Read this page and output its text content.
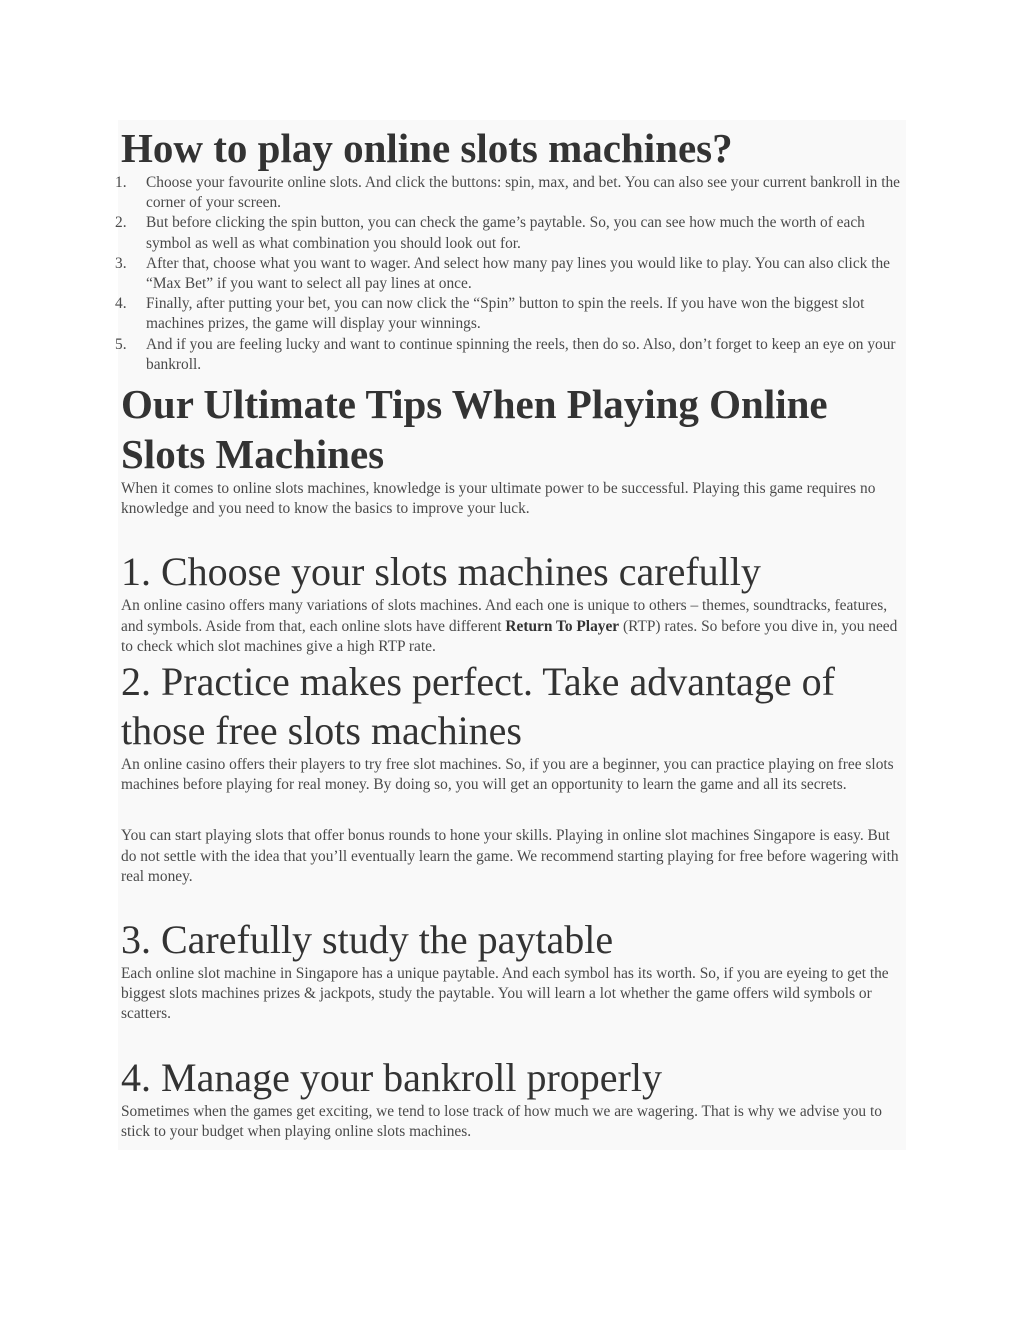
How to play online slots machines?
1. Choose your favourite online slots. And click the buttons: spin, max, and bet. You can also see your current bankroll in the corner of your screen.
2. But before clicking the spin button, you can check the game’s paytable. So, you can see how much the worth of each symbol as well as what combination you should look out for.
3. After that, choose what you want to wager. And select how many pay lines you would like to play. You can also click the “Max Bet” if you want to select all pay lines at once.
4. Finally, after putting your bet, you can now click the “Spin” button to spin the reels. If you have won the biggest slot machines prizes, the game will display your winnings.
5. And if you are feeling lucky and want to continue spinning the reels, then do so. Also, don’t forget to keep an eye on your bankroll.
Our Ultimate Tips When Playing Online Slots Machines

When it comes to online slots machines, knowledge is your ultimate power to be successful. Playing this game requires no knowledge and you need to know the basics to improve your luck.

1. Choose your slots machines carefully

An online casino offers many variations of slots machines. And each one is unique to others – themes, soundtracks, features, and symbols. Aside from that, each online slots have different Return To Player (RTP) rates. So before you dive in, you need to check which slot machines give a high RTP rate.

2. Practice makes perfect. Take advantage of those free slots machines

An online casino offers their players to try free slot machines. So, if you are a beginner, you can practice playing on free slots machines before playing for real money. By doing so, you will get an opportunity to learn the game and all its secrets.

You can start playing slots that offer bonus rounds to hone your skills. Playing in online slot machines Singapore is easy. But do not settle with the idea that you’ll eventually learn the game. We recommend starting playing for free before wagering with real money.

3. Carefully study the paytable

Each online slot machine in Singapore has a unique paytable. And each symbol has its worth. So, if you are eyeing to get the biggest slots machines prizes & jackpots, study the paytable. You will learn a lot whether the game offers wild symbols or scatters.

4. Manage your bankroll properly

Sometimes when the games get exciting, we tend to lose track of how much we are wagering. That is why we advise you to stick to your budget when playing online slots machines.
